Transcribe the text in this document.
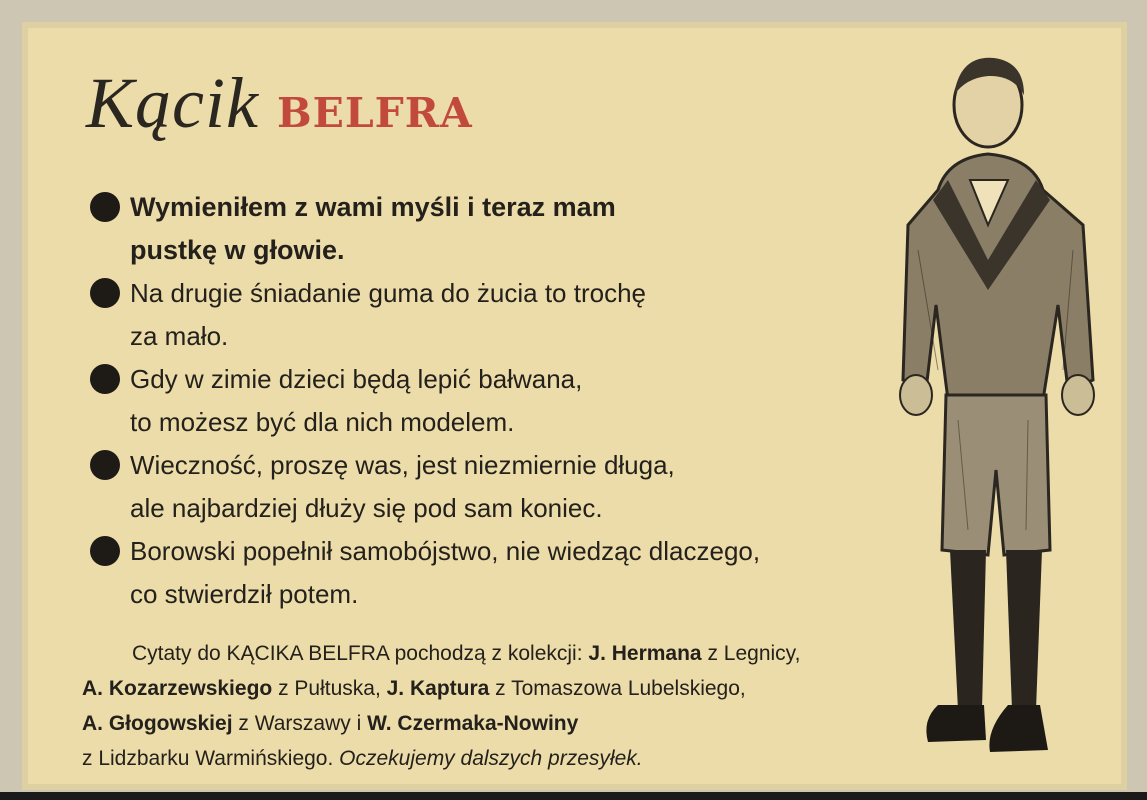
Kącik BELFRA
Wymieniłem z wami myśli i teraz mam
pustkę w głowie.
Na drugie śniadanie guma do żucia to trochę
za mało.
Gdy w zimie dzieci będą lepić bałwana,
to możesz być dla nich modelem.
Wieczność, proszę was, jest niezmiernie długa,
ale najbardziej dłuży się pod sam koniec.
Borowski popełnił samobójstwo, nie wiedząc dlaczego,
co stwierdził potem.
Cytaty do KĄCIKA BELFRA pochodzą z kolekcji: J. Hermana z Legnicy,
A. Kozarzewskiego z Pułtuska, J. Kaptura z Tomaszowa Lubelskiego,
A. Głogowskiej z Warszawy i W. Czermaka-Nowiny
z Lidzbarku Warmińskiego. Oczekujemy dalszych przesyłek.
